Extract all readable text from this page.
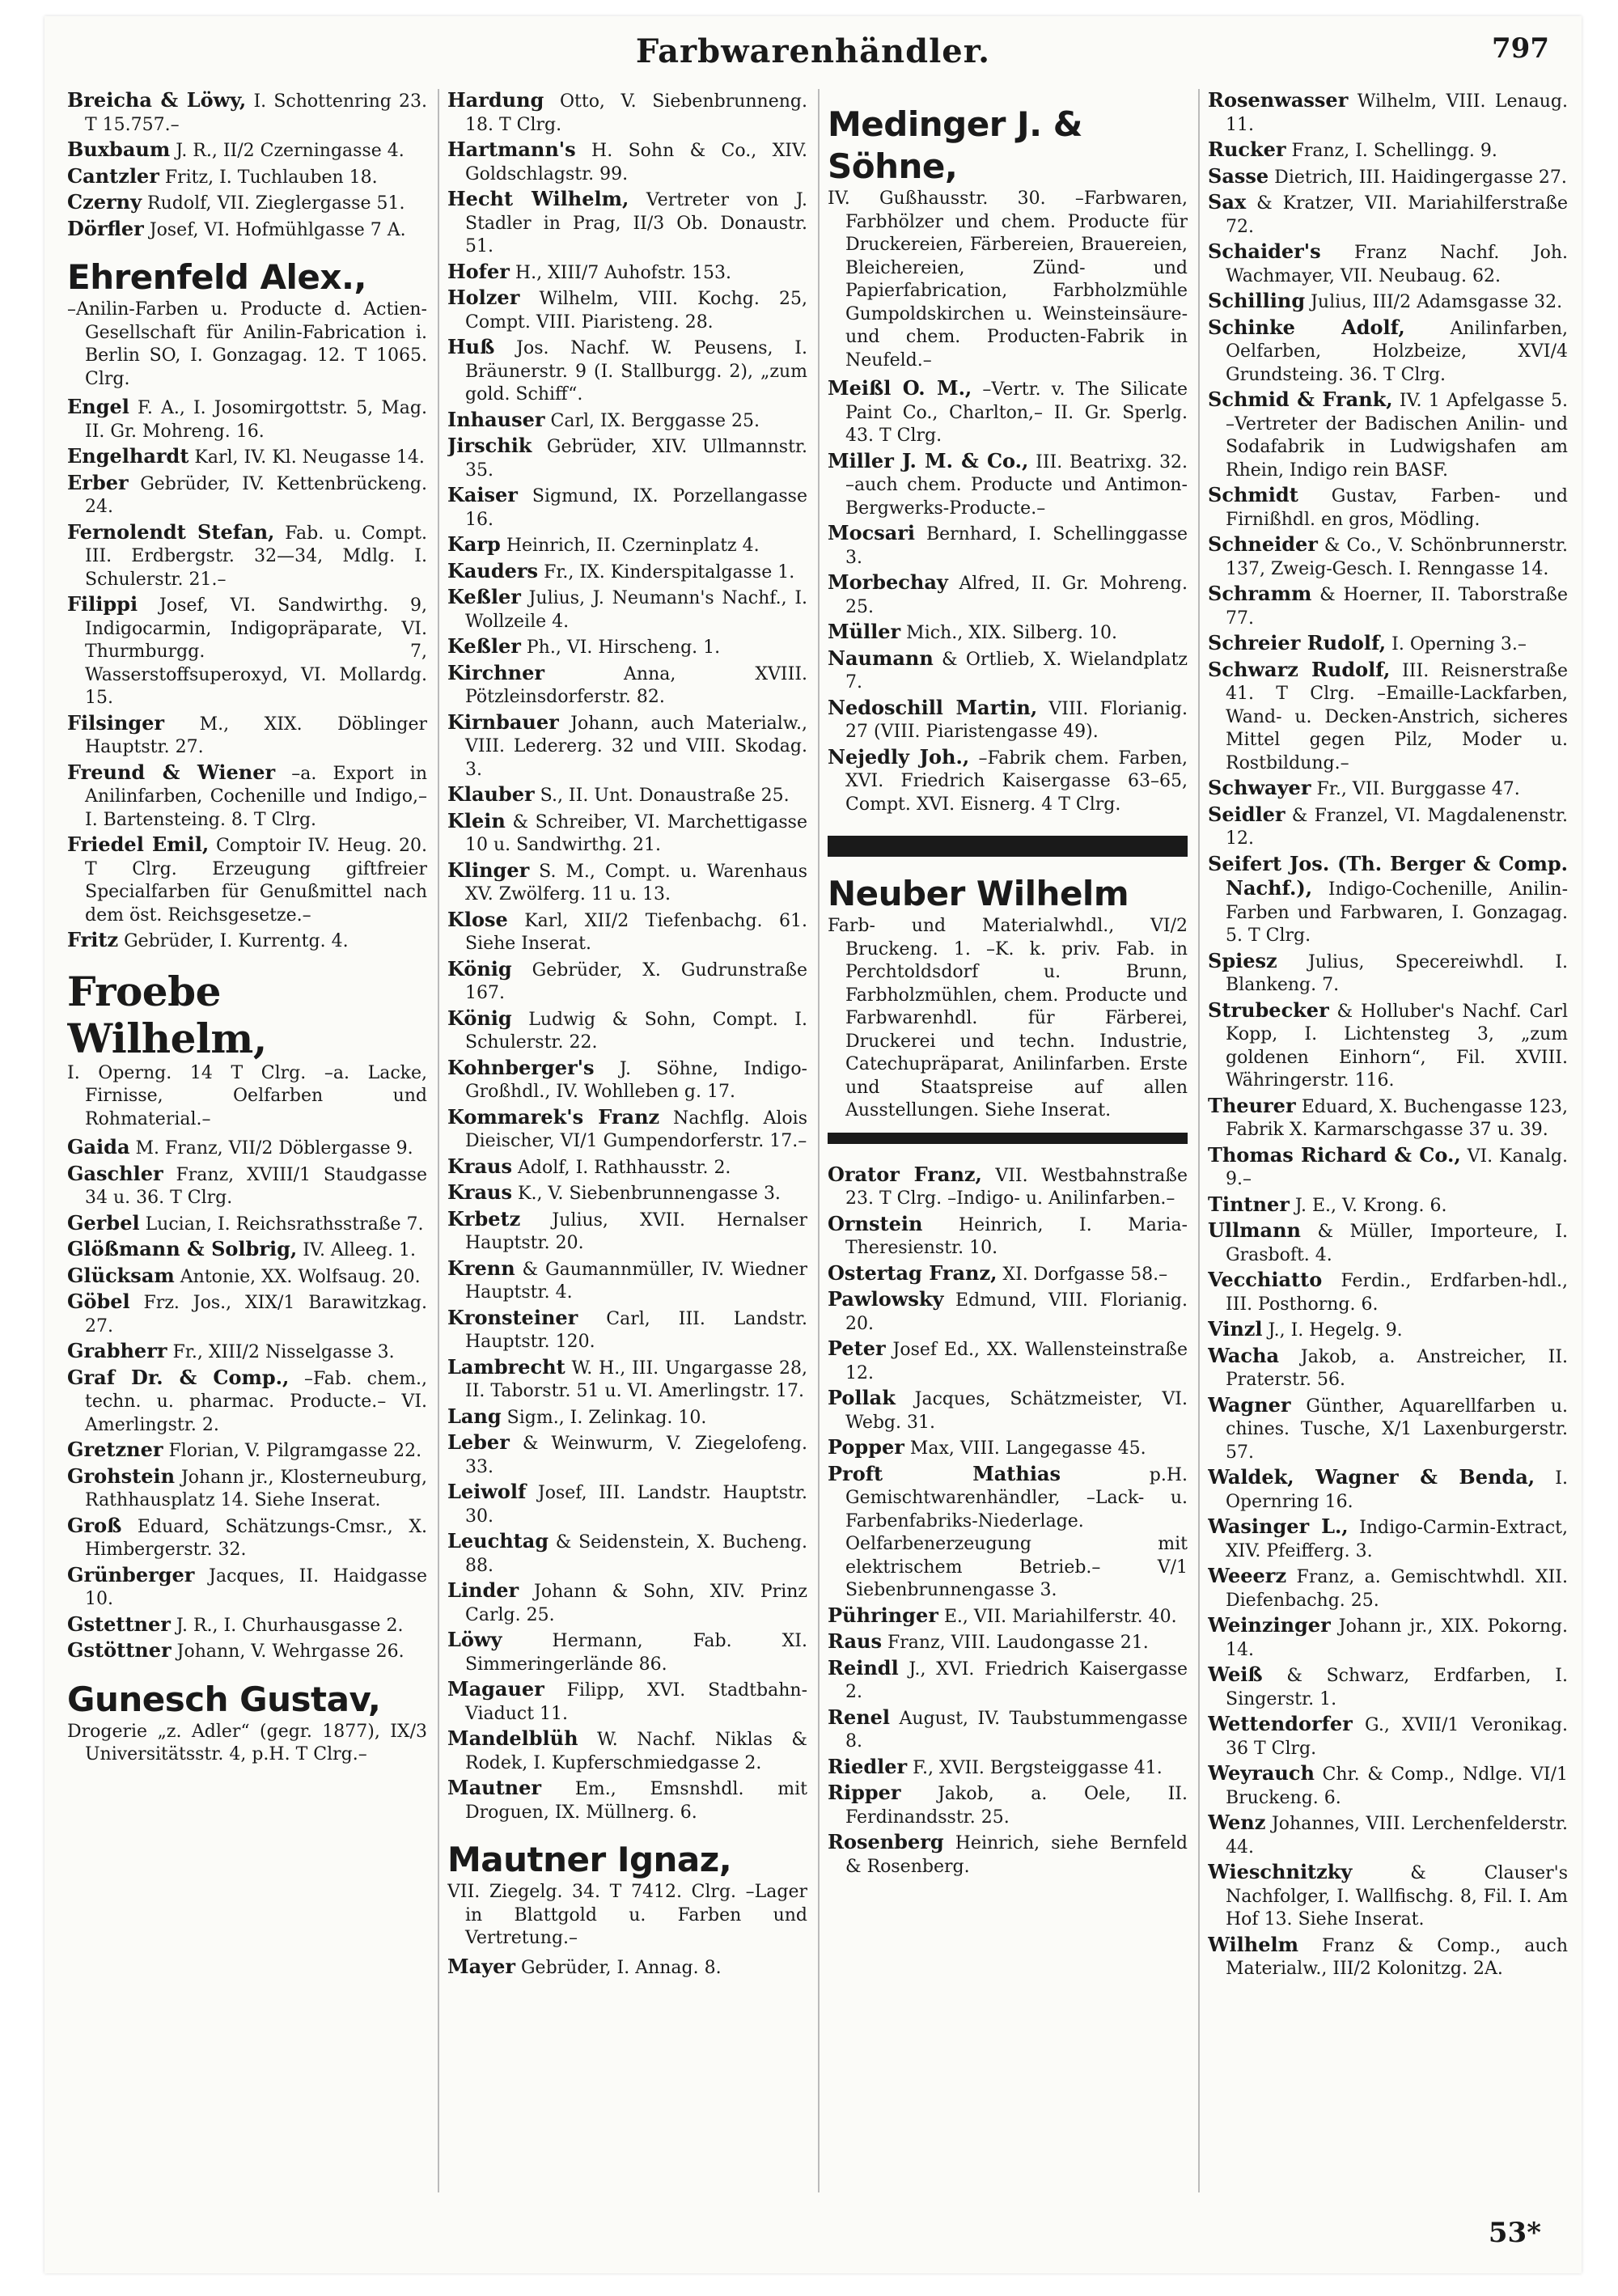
Farbwarenhändler.	797
Breicha & Löwy, I. Schottenring 23. T 15.757.–
Buxbaum J. R., II/2 Czerningasse 4.
Cantzler Fritz, I. Tuchlauben 18.
Czerny Rudolf, VII. Zieglergasse 51.
Dörfler Josef, VI. Hofmühlgasse 7 A.
Ehrenfeld Alex.,
–Anilin-Farben u. Producte d. Actien-Gesellschaft für Anilin-Fabrication i. Berlin SO, I. Gonzagag. 12. T 1065. Clrg.
Engel F. A., I. Josomirgottstr. 5, Mag. II. Gr. Mohreng. 16.
Engelhardt Karl, IV. Kl. Neugasse 14.
Erber Gebrüder, IV. Kettenbrückeng. 24.
Fernolendt Stefan, Fab. u. Compt. III. Erdbergstr. 32—34, Mdlg. I. Schulerstr. 21.–
Filippi Josef, VI. Sandwirthg. 9, Indigocarmin, Indigopräparate, VI. Thurmburgg. 7, Wasserstoffsuperoxyd, VI. Mollardg. 15.
Filsinger M., XIX. Döblinger Hauptstr. 27.
Freund & Wiener –a. Export in Anilinfarben, Cochenille und Indigo,– I. Bartensteing. 8. T Clrg.
Friedel Emil, Comptoir IV. Heug. 20. T Clrg. Erzeugung giftfreier Specialfarben für Genußmittel nach dem öst. Reichsgesetze.–
Fritz Gebrüder, I. Kurrentg. 4.
Froebe Wilhelm,
I. Operng. 14 T Clrg. –a. Lacke, Firnisse, Oelfarben und Rohmaterial.–
Gaida M. Franz, VII/2 Döblergasse 9.
Gaschler Franz, XVIII/1 Staudgasse 34 u. 36. T Clrg.
Gerbel Lucian, I. Reichsrathsstraße 7.
Glößmann & Solbrig, IV. Alleeg. 1.
Glücksam Antonie, XX. Wolfsaug. 20.
Göbel Frz. Jos., XIX/1 Barawitzkag. 27.
Grabherr Fr., XIII/2 Nisselgasse 3.
Graf Dr. & Comp., –Fab. chem., techn. u. pharmac. Producte.– VI. Amerlingstr. 2.
Gretzner Florian, V. Pilgramgasse 22.
Grohstein Johann jr., Klosterneuburg, Rathhausplatz 14. Siehe Inserat.
Groß Eduard, Schätzungs-Cmsr., X. Himbergerstr. 32.
Grünberger Jacques, II. Haidgasse 10.
Gstettner J. R., I. Churhausgasse 2.
Gstöttner Johann, V. Wehrgasse 26.
Gunesch Gustav,
Drogerie „z. Adler“ (gegr. 1877), IX/3 Universitätsstr. 4, p.H. T Clrg.–
Hardung Otto, V. Siebenbrunneng. 18. T Clrg.
Hartmann's H. Sohn & Co., XIV. Goldschlagstr. 99.
Hecht Wilhelm, Vertreter von J. Stadler in Prag, II/3 Ob. Donaustr. 51.
Hofer H., XIII/7 Auhofstr. 153.
Holzer Wilhelm, VIII. Kochg. 25, Compt. VIII. Piaristeng. 28.
Huß Jos. Nachf. W. Peusens, I. Bräunerstr. 9 (I. Stallburgg. 2), „zum gold. Schiff“.
Inhauser Carl, IX. Berggasse 25.
Jirschik Gebrüder, XIV. Ullmannstr. 35.
Kaiser Sigmund, IX. Porzellangasse 16.
Karp Heinrich, II. Czerninplatz 4.
Kauders Fr., IX. Kinderspitalgasse 1.
Keßler Julius, J. Neumann's Nachf., I. Wollzeile 4.
Keßler Ph., VI. Hirscheng. 1.
Kirchner Anna, XVIII. Pötzleinsdorferstr. 82.
Kirnbauer Johann, auch Materialw., VIII. Ledererg. 32 und VIII. Skodag. 3.
Klauber S., II. Unt. Donaustraße 25.
Klein & Schreiber, VI. Marchettigasse 10 u. Sandwirthg. 21.
Klinger S. M., Compt. u. Warenhaus XV. Zwölferg. 11 u. 13.
Klose Karl, XII/2 Tiefenbachg. 61. Siehe Inserat.
König Gebrüder, X. Gudrunstraße 167.
König Ludwig & Sohn, Compt. I. Schulerstr. 22.
Kohnberger's J. Söhne, Indigo-Großhdl., IV. Wohlleben g. 17.
Kommarek's Franz Nachflg. Alois Dieischer, VI/1 Gumpendorferstr. 17.–
Kraus Adolf, I. Rathhausstr. 2.
Kraus K., V. Siebenbrunnengasse 3.
Krbetz Julius, XVII. Hernalser Hauptstr. 20.
Krenn & Gaumannmüller, IV. Wiedner Hauptstr. 4.
Kronsteiner Carl, III. Landstr. Hauptstr. 120.
Lambrecht W. H., III. Ungargasse 28, II. Taborstr. 51 u. VI. Amerlingstr. 17.
Lang Sigm., I. Zelinkag. 10.
Leber & Weinwurm, V. Ziegelofeng. 33.
Leiwolf Josef, III. Landstr. Hauptstr. 30.
Leuchtag & Seidenstein, X. Bucheng. 88.
Linder Johann & Sohn, XIV. Prinz Carlg. 25.
Löwy Hermann, Fab. XI. Simmeringerlände 86.
Magauer Filipp, XVI. Stadtbahn-Viaduct 11.
Mandelblüh W. Nachf. Niklas & Rodek, I. Kupferschmiedgasse 2.
Mautner Em., Emsnshdl. mit Droguen, IX. Müllnerg. 6.
Mautner Ignaz,
VII. Ziegelg. 34. T 7412. Clrg. –Lager in Blattgold u. Farben und Vertretung.–
Mayer Gebrüder, I. Annag. 8.
Medinger J. & Söhne,
IV. Gußhausstr. 30. –Farbwaren, Farbhölzer und chem. Producte für Druckereien, Färbereien, Brauereien, Bleichereien, Zünd- und Papierfabrication, Farbholzmühle Gumpoldskirchen u. Weinsteinsäure- und chem. Producten-Fabrik in Neufeld.–
Meißl O. M., –Vertr. v. The Silicate Paint Co., Charlton,– II. Gr. Sperlg. 43. T Clrg.
Miller J. M. & Co., III. Beatrixg. 32. –auch chem. Producte und Antimon-Bergwerks-Producte.–
Mocsari Bernhard, I. Schellinggasse 3.
Morbechay Alfred, II. Gr. Mohreng. 25.
Müller Mich., XIX. Silberg. 10.
Naumann & Ortlieb, X. Wielandplatz 7.
Nedoschill Martin, VIII. Florianig. 27 (VIII. Piaristengasse 49).
Nejedly Joh., –Fabrik chem. Farben, XVI. Friedrich Kaisergasse 63–65, Compt. XVI. Eisnerg. 4 T Clrg.
Neuber Wilhelm
Farb- und Materialwhdl., VI/2 Bruckeng. 1. –K. k. priv. Fab. in Perchtoldsdorf u. Brunn, Farbholzmühlen, chem. Producte und Farbwarenhdl. für Färberei, Druckerei und techn. Industrie, Catechupräparat, Anilinfarben. Erste und Staatspreise auf allen Ausstellungen. Siehe Inserat.
Orator Franz, VII. Westbahnstraße 23. T Clrg. –Indigo- u. Anilinfarben.–
Ornstein Heinrich, I. Maria-Theresienstr. 10.
Ostertag Franz, XI. Dorfgasse 58.–
Pawlowsky Edmund, VIII. Florianig. 20.
Peter Josef Ed., XX. Wallensteinstraße 12.
Pollak Jacques, Schätzmeister, VI. Webg. 31.
Popper Max, VIII. Langegasse 45.
Proft Mathias p.H. Gemischtwarenhändler, –Lack- u. Farbenfabriks-Niederlage. Oelfarbenerzeugung mit elektrischem Betrieb.– V/1 Siebenbrunnengasse 3.
Pühringer E., VII. Mariahilferstr. 40.
Raus Franz, VIII. Laudongasse 21.
Reindl J., XVI. Friedrich Kaisergasse 2.
Renel August, IV. Taubstummengasse 8.
Riedler F., XVII. Bergsteiggasse 41.
Ripper Jakob, a. Oele, II. Ferdinandsstr. 25.
Rosenberg Heinrich, siehe Bernfeld & Rosenberg.
Rosenwasser Wilhelm, VIII. Lenaug. 11.
Rucker Franz, I. Schellingg. 9.
Sasse Dietrich, III. Haidingergasse 27.
Sax & Kratzer, VII. Mariahilferstraße 72.
Schaider's Franz Nachf. Joh. Wachmayer, VII. Neubaug. 62.
Schilling Julius, III/2 Adamsgasse 32.
Schinke Adolf, Anilinfarben, Oelfarben, Holzbeize, XVI/4 Grundsteing. 36. T Clrg.
Schmid & Frank, IV. 1 Apfelgasse 5. –Vertreter der Badischen Anilin- und Sodafabrik in Ludwigshafen am Rhein, Indigo rein BASF.
Schmidt Gustav, Farben- und Firnißhdl. en gros, Mödling.
Schneider & Co., V. Schönbrunnerstr. 137, Zweig-Gesch. I. Renngasse 14.
Schramm & Hoerner, II. Taborstraße 77.
Schreier Rudolf, I. Operning 3.–
Schwarz Rudolf, III. Reisnerstraße 41. T Clrg. –Emaille-Lackfarben, Wand- u. Decken-Anstrich, sicheres Mittel gegen Pilz, Moder u. Rostbildung.–
Schwayer Fr., VII. Burggasse 47.
Seidler & Franzel, VI. Magdalenenstr. 12.
Seifert Jos. (Th. Berger & Comp. Nachf.), Indigo-Cochenille, Anilin-Farben und Farbwaren, I. Gonzagag. 5. T Clrg.
Spiesz Julius, Specereiwhdl. I. Blankeng. 7.
Strubecker & Holluber's Nachf. Carl Kopp, I. Lichtensteg 3, „zum goldenen Einhorn“, Fil. XVIII. Währingerstr. 116.
Theurer Eduard, X. Buchengasse 123, Fabrik X. Karmarschgasse 37 u. 39.
Thomas Richard & Co., VI. Kanalg. 9.–
Tintner J. E., V. Krong. 6.
Ullmann & Müller, Importeure, I. Grasboft. 4.
Vecchiatto Ferdin., Erdfarben-hdl., III. Posthorng. 6.
Vinzl J., I. Hegelg. 9.
Wacha Jakob, a. Anstreicher, II. Praterstr. 56.
Wagner Günther, Aquarellfarben u. chines. Tusche, X/1 Laxenburgerstr. 57.
Waldek, Wagner & Benda, I. Opernring 16.
Wasinger L., Indigo-Carmin-Extract, XIV. Pfeifferg. 3.
Weeerz Franz, a. Gemischtwhdl. XII. Diefenbachg. 25.
Weinzinger Johann jr., XIX. Pokorng. 14.
Weiß & Schwarz, Erdfarben, I. Singerstr. 1.
Wettendorfer G., XVII/1 Veronikag. 36 T Clrg.
Weyrauch Chr. & Comp., Ndlge. VI/1 Bruckeng. 6.
Wenz Johannes, VIII. Lerchenfelderstr. 44.
Wieschnitzky & Clauser's Nachfolger, I. Wallfischg. 8, Fil. I. Am Hof 13. Siehe Inserat.
Wilhelm Franz & Comp., auch Materialw., III/2 Kolonitzg. 2A.
53*
